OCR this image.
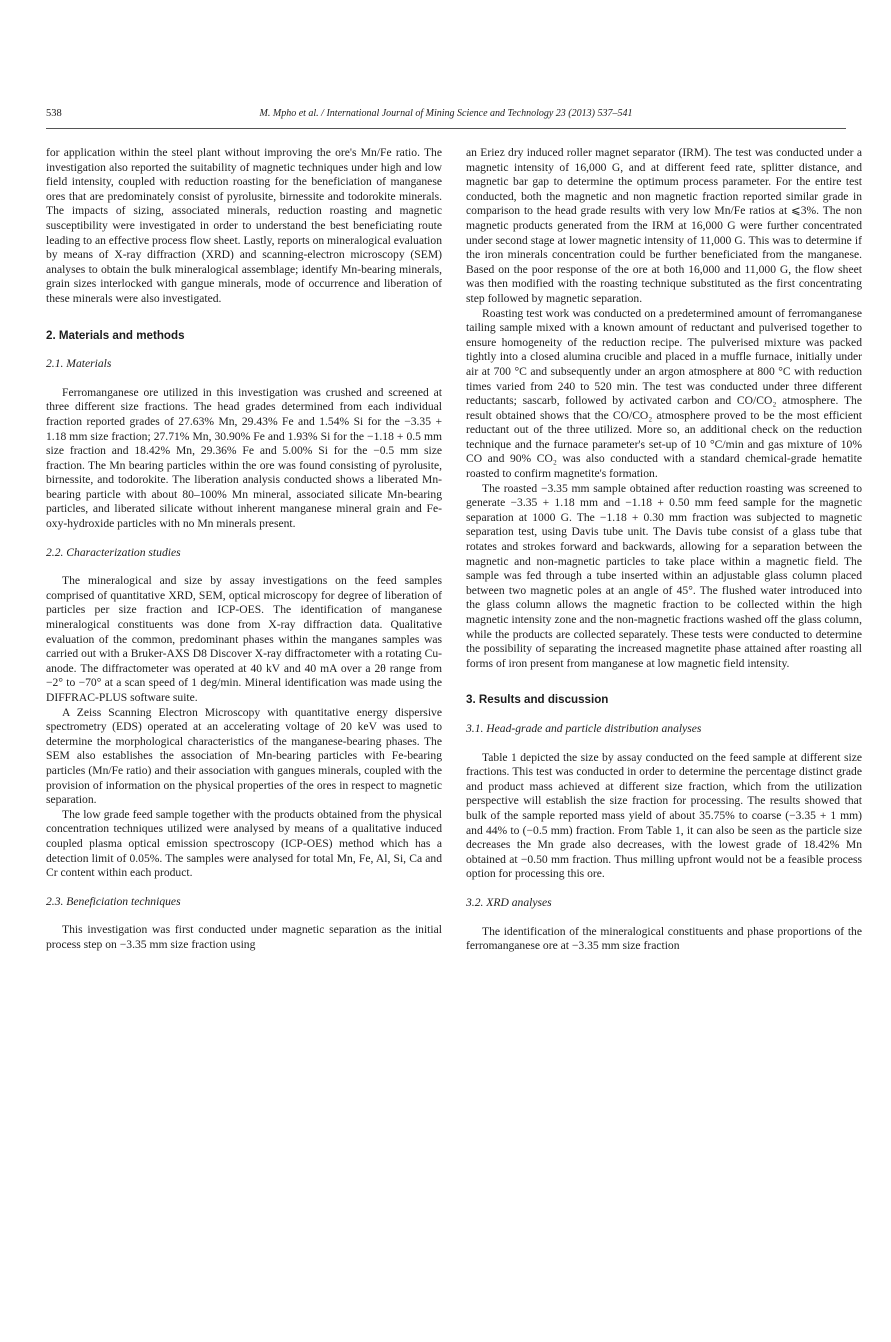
538	M. Mpho et al. / International Journal of Mining Science and Technology 23 (2013) 537–541

for application within the steel plant without improving the ore's Mn/Fe ratio. The investigation also reported the suitability of magnetic techniques under high and low field intensity, coupled with reduction roasting for the beneficiation of manganese ores that are predominately consist of pyrolusite, birnessite and todorokite minerals. The impacts of sizing, associated minerals, reduction roasting and magnetic susceptibility were investigated in order to understand the best beneficiating route leading to an effective process flow sheet. Lastly, reports on mineralogical evaluation by means of X-ray diffraction (XRD) and scanning-electron microscopy (SEM) analyses to obtain the bulk mineralogical assemblage; identify Mn-bearing minerals, grain sizes interlocked with gangue minerals, mode of occurrence and liberation of these minerals were also investigated.

2. Materials and methods
2.1. Materials

Ferromanganese ore utilized in this investigation was crushed and screened at three different size fractions. The head grades determined from each individual fraction reported grades of 27.63% Mn, 29.43% Fe and 1.54% Si for the −3.35 + 1.18 mm size fraction; 27.71% Mn, 30.90% Fe and 1.93% Si for the −1.18 + 0.5 mm size fraction and 18.42% Mn, 29.36% Fe and 5.00% Si for the −0.5 mm size fraction. The Mn bearing particles within the ore was found consisting of pyrolusite, birnessite, and todorokite. The liberation analysis conducted shows a liberated Mn-bearing particle with about 80–100% Mn mineral, associated silicate Mn-bearing particles, and liberated silicate without inherent manganese mineral grain and Fe-oxy-hydroxide particles with no Mn minerals present.

2.2. Characterization studies

The mineralogical and size by assay investigations on the feed samples comprised of quantitative XRD, SEM, optical microscopy for degree of liberation of particles per size fraction and ICP-OES. The identification of manganese mineralogical constituents was done from X-ray diffraction data. Qualitative evaluation of the common, predominant phases within the manganes samples was carried out with a Bruker-AXS D8 Discover X-ray diffractometer with a rotating Cu-anode. The diffractometer was operated at 40 kV and 40 mA over a 2θ range from −2° to −70° at a scan speed of 1 deg/min. Mineral identification was made using the DIFFRAC-PLUS software suite.

A Zeiss Scanning Electron Microscopy with quantitative energy dispersive spectrometry (EDS) operated at an accelerating voltage of 20 keV was used to determine the morphological characteristics of the manganese-bearing phases. The SEM also establishes the association of Mn-bearing particles with Fe-bearing particles (Mn/Fe ratio) and their association with gangues minerals, coupled with the provision of information on the physical properties of the ores in respect to magnetic separation.

The low grade feed sample together with the products obtained from the physical concentration techniques utilized were analysed by means of a qualitative induced coupled plasma optical emission spectroscopy (ICP-OES) method which has a detection limit of 0.05%. The samples were analysed for total Mn, Fe, Al, Si, Ca and Cr content within each product.

2.3. Beneficiation techniques

This investigation was first conducted under magnetic separation as the initial process step on −3.35 mm size fraction using

an Eriez dry induced roller magnet separator (IRM). The test was conducted under a magnetic intensity of 16,000 G, and at different feed rate, splitter distance, and magnetic bar gap to determine the optimum process parameter. For the entire test conducted, both the magnetic and non magnetic fraction reported similar grade in comparison to the head grade results with very low Mn/Fe ratios at ⩽3%. The non magnetic products generated from the IRM at 16,000 G were further concentrated under second stage at lower magnetic intensity of 11,000 G. This was to determine if the iron minerals concentration could be further beneficiated from the manganese. Based on the poor response of the ore at both 16,000 and 11,000 G, the flow sheet was then modified with the roasting technique substituted as the first concentrating step followed by magnetic separation.

Roasting test work was conducted on a predetermined amount of ferromanganese tailing sample mixed with a known amount of reductant and pulverised together to ensure homogeneity of the reduction recipe. The pulverised mixture was packed tightly into a closed alumina crucible and placed in a muffle furnace, initially under air at 700 °C and subsequently under an argon atmosphere at 800 °C with reduction times varied from 240 to 520 min. The test was conducted under three different reductants; sascarb, followed by activated carbon and CO/CO₂ atmosphere. The result obtained shows that the CO/CO₂ atmosphere proved to be the most efficient reductant out of the three utilized. More so, an additional check on the reduction technique and the furnace parameter's set-up of 10 °C/min and gas mixture of 10% CO and 90% CO₂ was also conducted with a standard chemical-grade hematite roasted to confirm magnetite's formation.

The roasted −3.35 mm sample obtained after reduction roasting was screened to generate −3.35 + 1.18 mm and −1.18 + 0.50 mm feed sample for the magnetic separation at 1000 G. The −1.18 + 0.30 mm fraction was subjected to magnetic separation test, using Davis tube unit. The Davis tube consist of a glass tube that rotates and strokes forward and backwards, allowing for a separation between the magnetic and non-magnetic particles to take place within a magnetic field. The sample was fed through a tube inserted within an adjustable glass column placed between two magnetic poles at an angle of 45°. The flushed water introduced into the glass column allows the magnetic fraction to be collected within the high magnetic intensity zone and the non-magnetic fractions washed off the glass column, while the products are collected separately. These tests were conducted to determine the possibility of separating the increased magnetite phase attained after roasting all forms of iron present from manganese at low magnetic field intensity.

3. Results and discussion
3.1. Head-grade and particle distribution analyses

Table 1 depicted the size by assay conducted on the feed sample at different size fractions. This test was conducted in order to determine the percentage distinct grade and product mass achieved at different size fraction, which from the utilization perspective will establish the size fraction for processing. The results showed that bulk of the sample reported mass yield of about 35.75% to coarse (−3.35 + 1 mm) and 44% to (−0.5 mm) fraction. From Table 1, it can also be seen as the particle size decreases the Mn grade also decreases, with the lowest grade of 18.42% Mn obtained at −0.50 mm fraction. Thus milling upfront would not be a feasible process option for processing this ore.

3.2. XRD analyses

The identification of the mineralogical constituents and phase proportions of the ferromanganese ore at −3.35 mm size fraction
